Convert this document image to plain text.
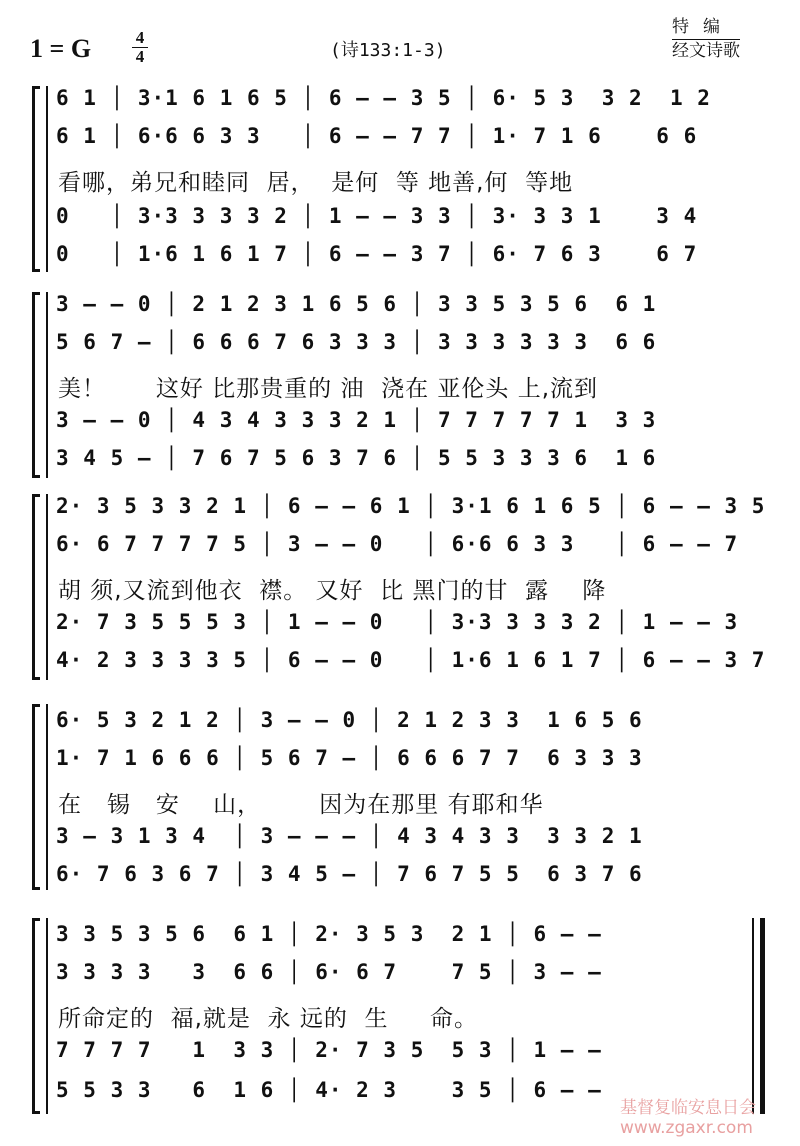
1 = G	4
4	(诗133:1-3)
特编
经文诗歌
6 1 │ 3·1 6 1 6 5 │ 6 — — 3 5 │ 6· 5 3  3 2  1 2
6 1 │ 6·6 6 3 3   │ 6 — — 7 7 │ 1· 7 1 6    6 6
看哪，弟兄和睦同  居，  是何  等 地善,何  等地
0   │ 3·3 3 3 3 2 │ 1 — — 3 3 │ 3· 3 3 1    3 4
0   │ 1·6 1 6 1 7 │ 6 — — 3 7 │ 6· 7 6 3    6 7
3 — — 0 │ 2 1 2 3 1 6 5 6 │ 3 3 5 3 5 6  6 1
5 6 7 — │ 6 6 6 7 6 3 3 3 │ 3 3 3 3 3 3  6 6
美！      这好 比那贵重的 油  浇在 亚伦头 上,流到
3 — — 0 │ 4 3 4 3 3 3 2 1 │ 7 7 7 7 7 1  3 3
3 4 5 — │ 7 6 7 5 6 3 7 6 │ 5 5 3 3 3 6  1 6
2· 3 5 3 3 2 1 │ 6 — — 6 1 │ 3·1 6 1 6 5 │ 6 — — 3 5
6· 6 7 7 7 7 5 │ 3 — — 0   │ 6·6 6 3 3   │ 6 — — 7
胡 须,又流到他衣  襟。 又好  比 黑门的甘  露    降
2· 7 3 5 5 5 3 │ 1 — — 0   │ 3·3 3 3 3 2 │ 1 — — 3
4· 2 3 3 3 3 5 │ 6 — — 0   │ 1·6 1 6 1 7 │ 6 — — 3 7
6· 5 3 2 1 2 │ 3 — — 0 │ 2 1 2 3 3  1 6 5 6
1· 7 1 6 6 6 │ 5 6 7 — │ 6 6 6 7 7  6 3 3 3
在   锡   安    山，       因为在那里 有耶和华
3 — 3 1 3 4  │ 3 — — — │ 4 3 4 3 3  3 3 2 1
6· 7 6 3 6 7 │ 3 4 5 — │ 7 6 7 5 5  6 3 7 6
3 3 5 3 5 6  6 1 │ 2· 3 5 3  2 1 │ 6 — —
3 3 3 3   3  6 6 │ 6· 6 7    7 5 │ 3 — —
所命定的  福,就是  永 远的  生     命。
7 7 7 7   1  3 3 │ 2· 7 3 5  5 3 │ 1 — —
5 5 3 3   6  1 6 │ 4· 2 3    3 5 │ 6 — —
基督复临安息日会
www.zgaxr.com
